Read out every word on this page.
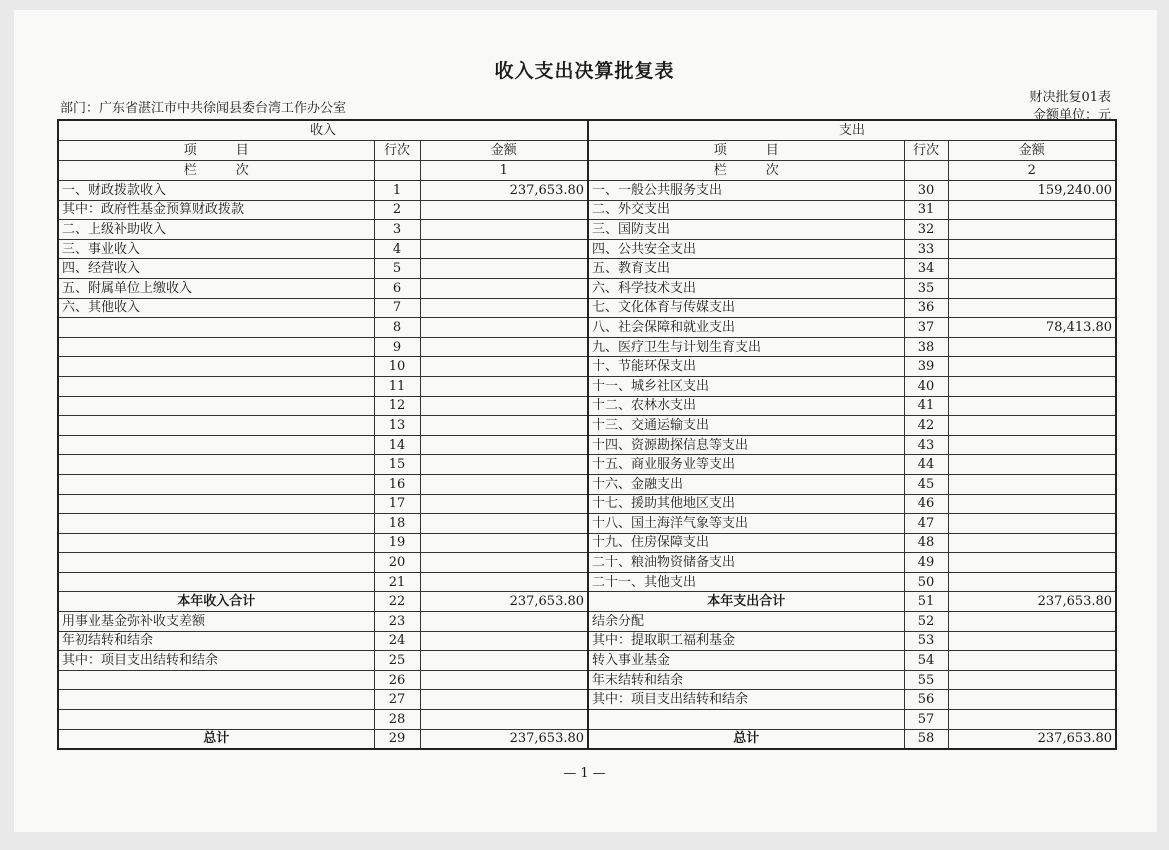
收入支出决算批复表
部门：广东省湛江市中共徐闻县委台湾工作办公室
财决批复01表
金额单位：元
收入			支出		
项　　　目	行次	金额	项　　　目	行次	金额
栏　　　次		1	栏　　　次		2
一、财政拨款收入	1	237,653.80	一、一般公共服务支出	30	159,240.00
其中：政府性基金预算财政拨款	2		二、外交支出	31	
二、上级补助收入	3		三、国防支出	32	
三、事业收入	4		四、公共安全支出	33	
四、经营收入	5		五、教育支出	34	
五、附属单位上缴收入	6		六、科学技术支出	35	
六、其他收入	7		七、文化体育与传媒支出	36	
	8		八、社会保障和就业支出	37	78,413.80
	9		九、医疗卫生与计划生育支出	38	
	10		十、节能环保支出	39	
	11		十一、城乡社区支出	40	
	12		十二、农林水支出	41	
	13		十三、交通运输支出	42	
	14		十四、资源勘探信息等支出	43	
	15		十五、商业服务业等支出	44	
	16		十六、金融支出	45	
	17		十七、援助其他地区支出	46	
	18		十八、国土海洋气象等支出	47	
	19		十九、住房保障支出	48	
	20		二十、粮油物资储备支出	49	
	21		二十一、其他支出	50	
本年收入合计	22	237,653.80	本年支出合计	51	237,653.80
用事业基金弥补收支差额	23		结余分配	52	
年初结转和结余	24		其中：提取职工福利基金	53	
其中：项目支出结转和结余	25		转入事业基金	54	
	26		年末结转和结余	55	
	27		其中：项目支出结转和结余	56	
	28			57	
总计	29	237,653.80	总计	58	237,653.80
— 1 —
